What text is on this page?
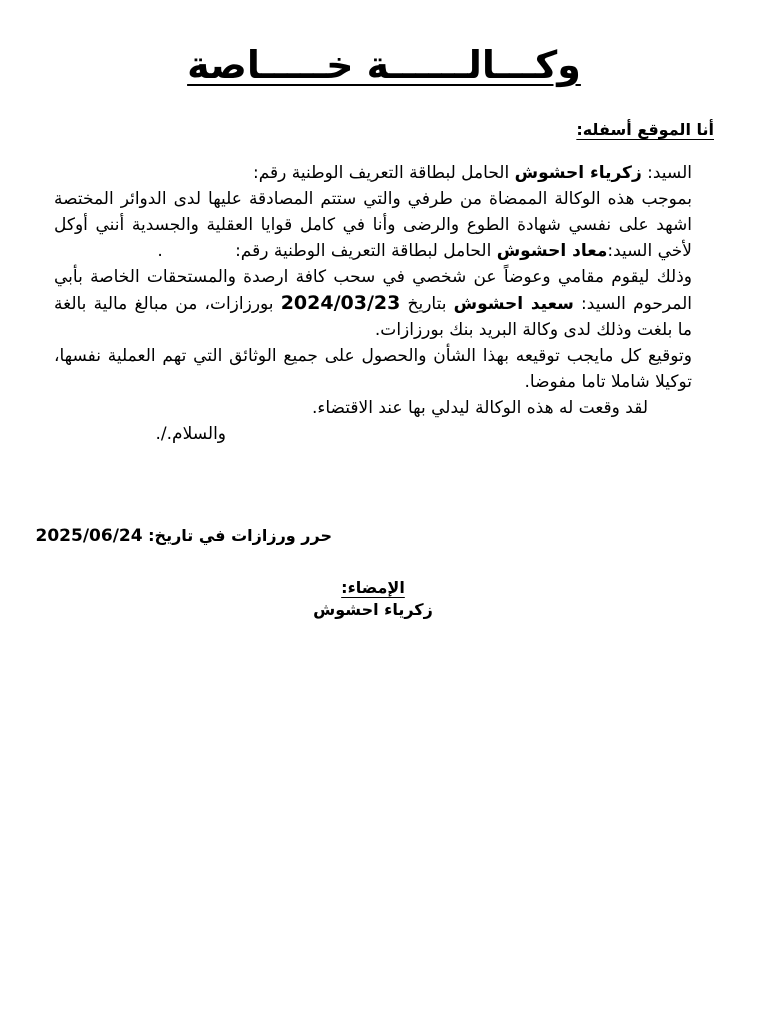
وكـــالــــــة خـــــاصة
أنا الموقع أسفله:

السيد: زكرياء احشوش الحامل لبطاقة التعريف الوطنية رقم:

بموجب هذه الوكالة الممضاة من طرفي والتي ستتم المصادقة عليها لدى الدوائر المختصة اشهد على نفسي شهادة الطوع والرضى وأنا في كامل قوايا العقلية والجسدية أنني أوكل لأخي السيد:معاد احشوش الحامل لبطاقة التعريف الوطنية رقم:.

وذلك ليقوم مقامي وعوضاً عن شخصي في سحب كافة ارصدة والمستحقات الخاصة بأبي المرحوم السيد: سعيد احشوش بتاريخ 2024/03/23 بورزازات، من مبالغ مالية بالغة ما بلغت وذلك لدى وكالة البريد بنك بورزازات.

وتوقيع كل مايجب توقيعه بهذا الشأن والحصول على جميع الوثائق التي تهم العملية نفسها، توكيلا شاملا تاما مفوضا.

لقد وقعت له هذه الوكالة ليدلي بها عند الاقتضاء.

والسلام./.

حرر ورزازات في تاريخ: 2025/06/24
الإمضاء:
زكرياء احشوش
